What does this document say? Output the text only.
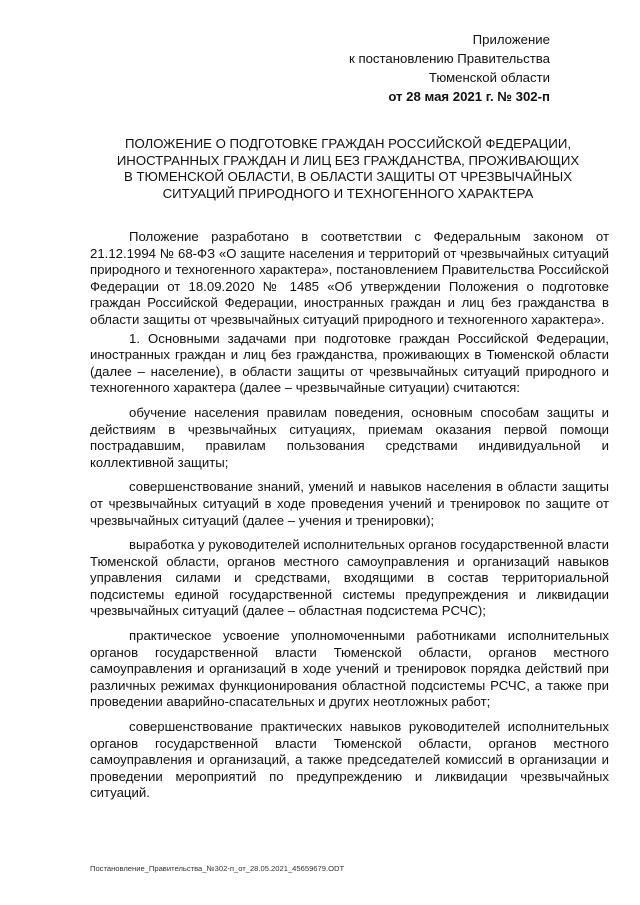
Приложение
к постановлению Правительства
Тюменской области
от 28 мая 2021 г. № 302-п
ПОЛОЖЕНИЕ О ПОДГОТОВКЕ ГРАЖДАН РОССИЙСКОЙ ФЕДЕРАЦИИ,
ИНОСТРАННЫХ ГРАЖДАН И ЛИЦ БЕЗ ГРАЖДАНСТВА, ПРОЖИВАЮЩИХ
В ТЮМЕНСКОЙ ОБЛАСТИ, В ОБЛАСТИ ЗАЩИТЫ ОТ ЧРЕЗВЫЧАЙНЫХ
СИТУАЦИЙ ПРИРОДНОГО И ТЕХНОГЕННОГО ХАРАКТЕРА

Положение разработано в соответствии с Федеральным законом от 21.12.1994 № 68-ФЗ «О защите населения и территорий от чрезвычайных ситуаций природного и техногенного характера», постановлением Правительства Российской Федерации от 18.09.2020 № 1485 «Об утверждении Положения о подготовке граждан Российской Федерации, иностранных граждан и лиц без гражданства в области защиты от чрезвычайных ситуаций природного и техногенного характера».

1. Основными задачами при подготовке граждан Российской Федерации, иностранных граждан и лиц без гражданства, проживающих в Тюменской области (далее – население), в области защиты от чрезвычайных ситуаций природного и техногенного характера (далее – чрезвычайные ситуации) считаются:

обучение населения правилам поведения, основным способам защиты и действиям в чрезвычайных ситуациях, приемам оказания первой помощи пострадавшим, правилам пользования средствами индивидуальной и коллективной защиты;

совершенствование знаний, умений и навыков населения в области защиты от чрезвычайных ситуаций в ходе проведения учений и тренировок по защите от чрезвычайных ситуаций (далее – учения и тренировки);

выработка у руководителей исполнительных органов государственной власти Тюменской области, органов местного самоуправления и организаций навыков управления силами и средствами, входящими в состав территориальной подсистемы единой государственной системы предупреждения и ликвидации чрезвычайных ситуаций (далее – областная подсистема РСЧС);

практическое усвоение уполномоченными работниками исполнительных органов государственной власти Тюменской области, органов местного самоуправления и организаций в ходе учений и тренировок порядка действий при различных режимах функционирования областной подсистемы РСЧС, а также при проведении аварийно-спасательных и других неотложных работ;

совершенствование практических навыков руководителей исполнительных органов государственной власти Тюменской области, органов местного самоуправления и организаций, а также председателей комиссий в организации и проведении мероприятий по предупреждению и ликвидации чрезвычайных ситуаций.

Постановление_Правительства_№302-п_от_28.05.2021_45659679.ODT
